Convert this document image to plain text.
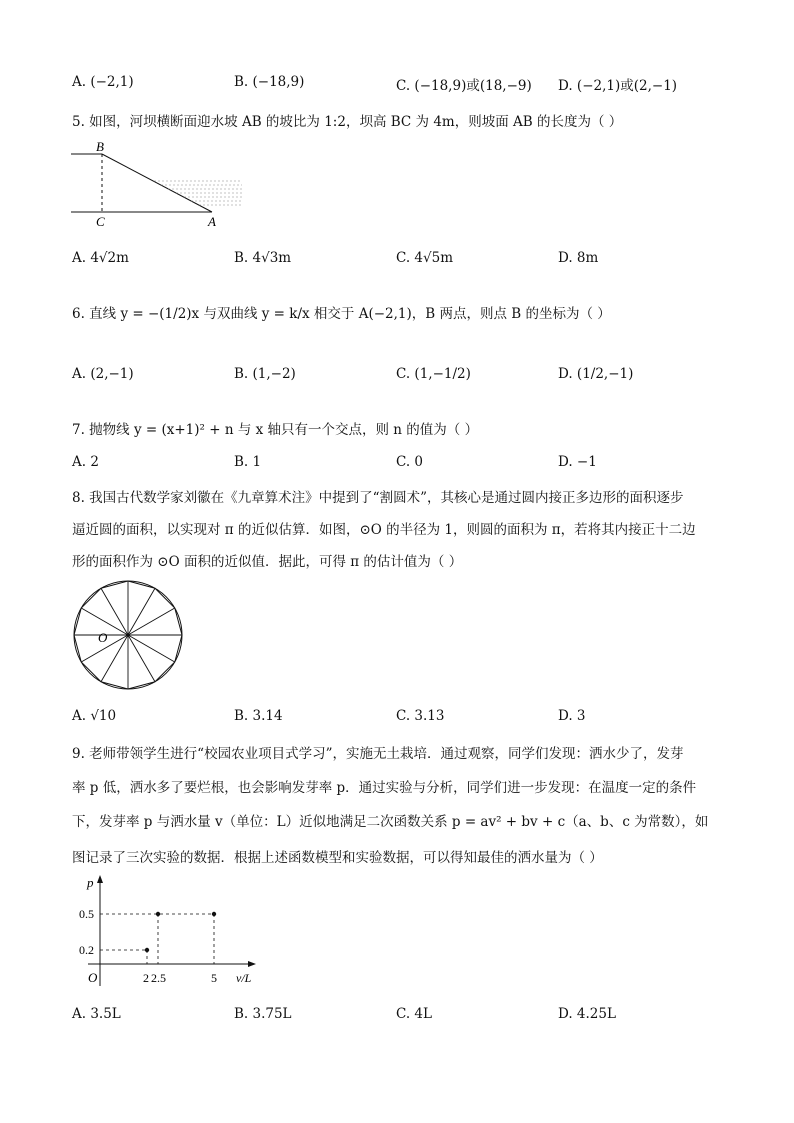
A. (−2,1)	B. (−18,9)	C. (−18,9)或(18,−9) D. (−2,1)或(2,−1)
5. 如图，河坝横断面迎水坡 AB 的坡比为 1:2，坝高 BC 为 4m，则坡面 AB 的长度为（ ）
B
C	A
A. 4√2m	B. 4√3m	C. 4√5m	D. 8m
6. 直线 y = −(1/2)x 与双曲线 y = k/x 相交于 A(−2,1)，B 两点，则点 B 的坐标为（ ）
A. (2,−1)	B. (1,−2)	C. (1,−1/2)	D. (1/2,−1)
7. 抛物线 y = (x+1)² + n 与 x 轴只有一个交点，则 n 的值为（ ）
A. 2	B. 1	C. 0	D. −1
8. 我国古代数学家刘徽在《九章算术注》中提到了“割圆术”，其核心是通过圆内接正多边形的面积逐步
逼近圆的面积，以实现对 π 的近似估算．如图，⊙O 的半径为 1，则圆的面积为 π，若将其内接正十二边
形的面积作为 ⊙O 面积的近似值．据此，可得 π 的估计值为（ ）
O
A. √10	B. 3.14	C. 3.13	D. 3
9. 老师带领学生进行“校园农业项目式学习”，实施无土栽培．通过观察，同学们发现：洒水少了，发芽
率 p 低，洒水多了要烂根，也会影响发芽率 p．通过实验与分析，同学们进一步发现：在温度一定的条件
下，发芽率 p 与洒水量 v（单位：L）近似地满足二次函数关系 p = av² + bv + c（a、b、c 为常数），如
图记录了三次实验的数据．根据上述函数模型和实验数据，可以得知最佳的洒水量为（ ）
p
v/L
O
0.5
0.2
2 2.5	5
A. 3.5L	B. 3.75L	C. 4L	D. 4.25L
